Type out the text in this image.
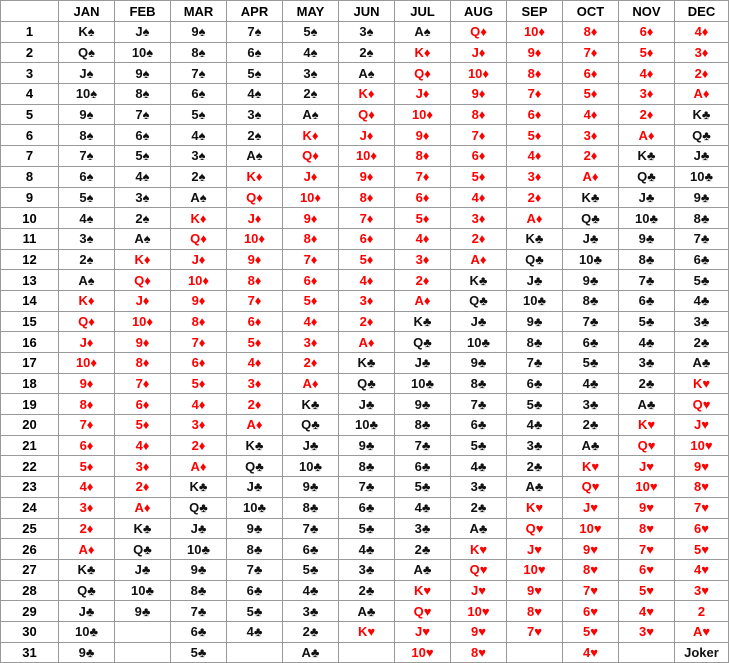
	JAN	FEB	MAR	APR	MAY	JUN	JUL	AUG	SEP	OCT	NOV	DEC
1	K♠	J♠	9♠	7♠	5♠	3♠	A♠	Q♦	10♦	8♦	6♦	4♦
2	Q♠	10♠	8♠	6♠	4♠	2♠	K♦	J♦	9♦	7♦	5♦	3♦
3	J♠	9♠	7♠	5♠	3♠	A♠	Q♦	10♦	8♦	6♦	4♦	2♦
4	10♠	8♠	6♠	4♠	2♠	K♦	J♦	9♦	7♦	5♦	3♦	A♦
5	9♠	7♠	5♠	3♠	A♠	Q♦	10♦	8♦	6♦	4♦	2♦	K♣
6	8♠	6♠	4♠	2♠	K♦	J♦	9♦	7♦	5♦	3♦	A♦	Q♣
7	7♠	5♠	3♠	A♠	Q♦	10♦	8♦	6♦	4♦	2♦	K♣	J♣
8	6♠	4♠	2♠	K♦	J♦	9♦	7♦	5♦	3♦	A♦	Q♣	10♣
9	5♠	3♠	A♠	Q♦	10♦	8♦	6♦	4♦	2♦	K♣	J♣	9♣
10	4♠	2♠	K♦	J♦	9♦	7♦	5♦	3♦	A♦	Q♣	10♣	8♣
11	3♠	A♠	Q♦	10♦	8♦	6♦	4♦	2♦	K♣	J♣	9♣	7♣
12	2♠	K♦	J♦	9♦	7♦	5♦	3♦	A♦	Q♣	10♣	8♣	6♣
13	A♠	Q♦	10♦	8♦	6♦	4♦	2♦	K♣	J♣	9♣	7♣	5♣
14	K♦	J♦	9♦	7♦	5♦	3♦	A♦	Q♣	10♣	8♣	6♣	4♣
15	Q♦	10♦	8♦	6♦	4♦	2♦	K♣	J♣	9♣	7♣	5♣	3♣
16	J♦	9♦	7♦	5♦	3♦	A♦	Q♣	10♣	8♣	6♣	4♣	2♣
17	10♦	8♦	6♦	4♦	2♦	K♣	J♣	9♣	7♣	5♣	3♣	A♣
18	9♦	7♦	5♦	3♦	A♦	Q♣	10♣	8♣	6♣	4♣	2♣	K♥
19	8♦	6♦	4♦	2♦	K♣	J♣	9♣	7♣	5♣	3♣	A♣	Q♥
20	7♦	5♦	3♦	A♦	Q♣	10♣	8♣	6♣	4♣	2♣	K♥	J♥
21	6♦	4♦	2♦	K♣	J♣	9♣	7♣	5♣	3♣	A♣	Q♥	10♥
22	5♦	3♦	A♦	Q♣	10♣	8♣	6♣	4♣	2♣	K♥	J♥	9♥
23	4♦	2♦	K♣	J♣	9♣	7♣	5♣	3♣	A♣	Q♥	10♥	8♥
24	3♦	A♦	Q♣	10♣	8♣	6♣	4♣	2♣	K♥	J♥	9♥	7♥
25	2♦	K♣	J♣	9♣	7♣	5♣	3♣	A♣	Q♥	10♥	8♥	6♥
26	A♦	Q♣	10♣	8♣	6♣	4♣	2♣	K♥	J♥	9♥	7♥	5♥
27	K♣	J♣	9♣	7♣	5♣	3♣	A♣	Q♥	10♥	8♥	6♥	4♥
28	Q♣	10♣	8♣	6♣	4♣	2♣	K♥	J♥	9♥	7♥	5♥	3♥
29	J♣	9♣	7♣	5♣	3♣	A♣	Q♥	10♥	8♥	6♥	4♥	2
30	10♣		6♣	4♣	2♣	K♥	J♥	9♥	7♥	5♥	3♥	A♥
31	9♣		5♣		A♣		10♥	8♥		4♥		Joker
